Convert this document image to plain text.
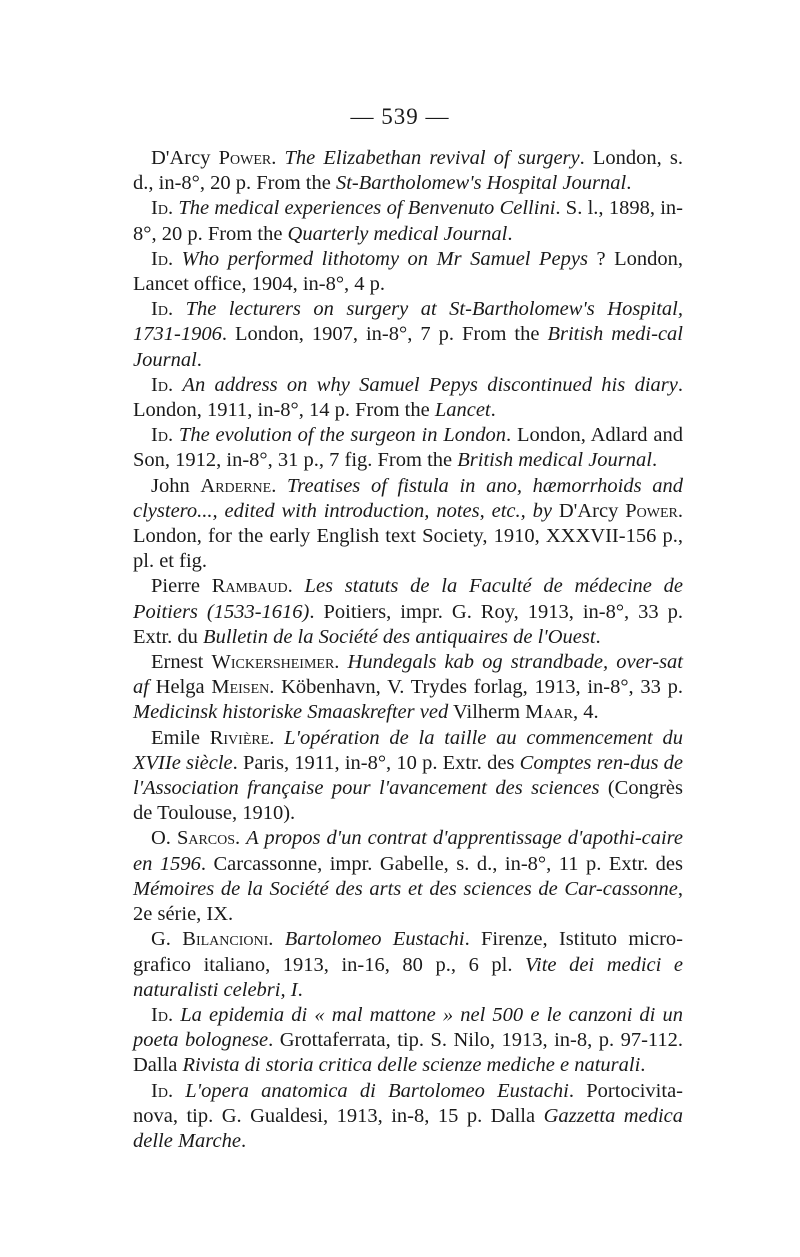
— 539 —

D'Arcy Power. The Elizabethan revival of surgery. London, s. d., in-8°, 20 p. From the St-Bartholomew's Hospital Journal.

Id. The medical experiences of Benvenuto Cellini. S. l., 1898, in-8°, 20 p. From the Quarterly medical Journal.

Id. Who performed lithotomy on Mr Samuel Pepys ? London, Lancet office, 1904, in-8°, 4 p.

Id. The lecturers on surgery at St-Bartholomew's Hospital, 1731-1906. London, 1907, in-8°, 7 p. From the British medi-cal Journal.

Id. An address on why Samuel Pepys discontinued his diary. London, 1911, in-8°, 14 p. From the Lancet.

Id. The evolution of the surgeon in London. London, Adlard and Son, 1912, in-8°, 31 p., 7 fig. From the British medical Journal.

John Arderne. Treatises of fistula in ano, hæmorrhoids and clystero..., edited with introduction, notes, etc., by D'Arcy Power. London, for the early English text Society, 1910, XXXVII-156 p., pl. et fig.

Pierre Rambaud. Les statuts de la Faculté de médecine de Poitiers (1533-1616). Poitiers, impr. G. Roy, 1913, in-8°, 33 p. Extr. du Bulletin de la Société des antiquaires de l'Ouest.

Ernest Wickersheimer. Hundegals kab og strandbade, over-sat af Helga Meisen. Köbenhavn, V. Trydes forlag, 1913, in-8°, 33 p. Medicinsk historiske Smaaskrefter ved Vilherm Maar, 4.

Emile Rivière. L'opération de la taille au commencement du XVIIe siècle. Paris, 1911, in-8°, 10 p. Extr. des Comptes ren-dus de l'Association française pour l'avancement des sciences (Congrès de Toulouse, 1910).

O. Sarcos. A propos d'un contrat d'apprentissage d'apothi-caire en 1596. Carcassonne, impr. Gabelle, s. d., in-8°, 11 p. Extr. des Mémoires de la Société des arts et des sciences de Car-cassonne, 2e série, IX.

G. Bilancioni. Bartolomeo Eustachi. Firenze, Istituto micro-grafico italiano, 1913, in-16, 80 p., 6 pl. Vite dei medici e naturalisti celebri, I.

Id. La epidemia di « mal mattone » nel 500 e le canzoni di un poeta bolognese. Grottaferrata, tip. S. Nilo, 1913, in-8, p. 97-112. Dalla Rivista di storia critica delle scienze mediche e naturali.

Id. L'opera anatomica di Bartolomeo Eustachi. Portocivita-nova, tip. G. Gualdesi, 1913, in-8, 15 p. Dalla Gazzetta medica delle Marche.
